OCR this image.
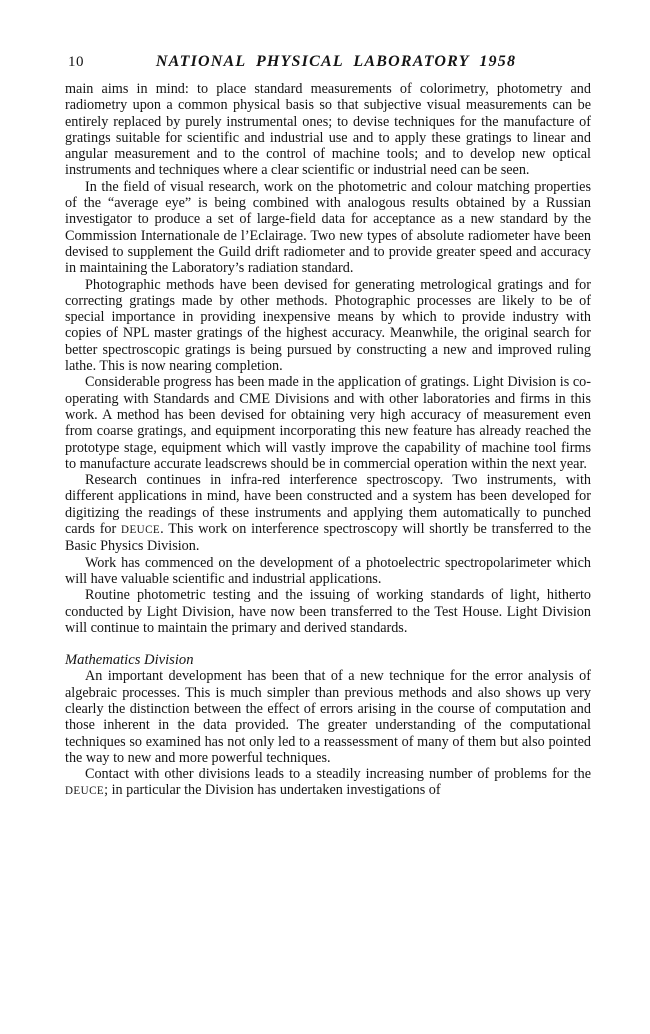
10	NATIONAL PHYSICAL LABORATORY 1958

main aims in mind: to place standard measurements of colorimetry, photometry and radiometry upon a common physical basis so that subjective visual measurements can be entirely replaced by purely instrumental ones; to devise techniques for the manufacture of gratings suitable for scientific and industrial use and to apply these gratings to linear and angular measurement and to the control of machine tools; and to develop new optical instruments and techniques where a clear scientific or industrial need can be seen.

In the field of visual research, work on the photometric and colour matching properties of the “average eye” is being combined with analogous results obtained by a Russian investigator to produce a set of large-field data for acceptance as a new standard by the Commission Internationale de l’Eclairage. Two new types of absolute radiometer have been devised to supplement the Guild drift radiometer and to provide greater speed and accuracy in maintaining the Laboratory’s radiation standard.

Photographic methods have been devised for generating metrological gratings and for correcting gratings made by other methods. Photographic processes are likely to be of special importance in providing inexpensive means by which to provide industry with copies of NPL master gratings of the highest accuracy. Meanwhile, the original search for better spectroscopic gratings is being pursued by constructing a new and improved ruling lathe. This is now nearing completion.

Considerable progress has been made in the application of gratings. Light Division is co-operating with Standards and CME Divisions and with other laboratories and firms in this work. A method has been devised for obtaining very high accuracy of measurement even from coarse gratings, and equipment incorporating this new feature has already reached the prototype stage, equipment which will vastly improve the capability of machine tool firms to manufacture accurate leadscrews should be in commercial operation within the next year.

Research continues in infra-red interference spectroscopy. Two instruments, with different applications in mind, have been constructed and a system has been developed for digitizing the readings of these instruments and applying them automatically to punched cards for DEUCE. This work on interference spectroscopy will shortly be transferred to the Basic Physics Division.

Work has commenced on the development of a photoelectric spectropolarimeter which will have valuable scientific and industrial applications.

Routine photometric testing and the issuing of working standards of light, hitherto conducted by Light Division, have now been transferred to the Test House. Light Division will continue to maintain the primary and derived standards.

Mathematics Division

An important development has been that of a new technique for the error analysis of algebraic processes. This is much simpler than previous methods and also shows up very clearly the distinction between the effect of errors arising in the course of computation and those inherent in the data provided. The greater understanding of the computational techniques so examined has not only led to a reassessment of many of them but also pointed the way to new and more powerful techniques.

Contact with other divisions leads to a steadily increasing number of problems for the DEUCE; in particular the Division has undertaken investigations of
